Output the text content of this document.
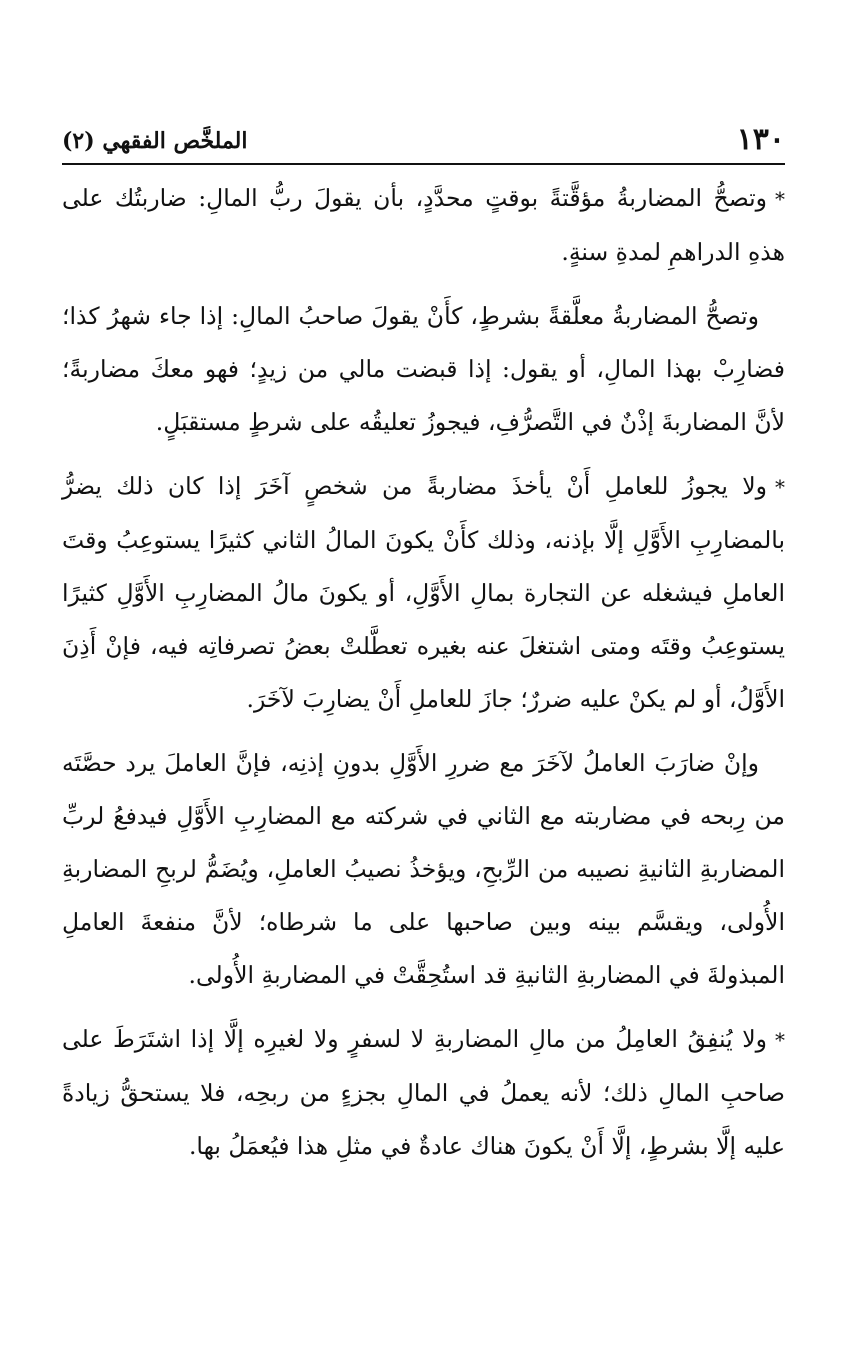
١٣٠
الملخَّص الفقهي (٢)

*وتصحُّ المضاربةُ مؤقَّتةً بوقتٍ محدَّدٍ، بأن يقولَ ربُّ المالِ: ضاربتُك على هذهِ الدراهمِ لمدةِ سنةٍ.

وتصحُّ المضاربةُ معلَّقةً بشرطٍ، كأَنْ يقولَ صاحبُ المالِ: إذا جاء شهرُ كذا؛ فضارِبْ بهذا المالِ، أو يقول: إذا قبضت مالي من زيدٍ؛ فهو معكَ مضاربةً؛ لأنَّ المضاربةَ إذْنٌ في التَّصرُّفِ، فيجوزُ تعليقُه على شرطٍ مستقبَلٍ.

*ولا يجوزُ للعاملِ أَنْ يأخذَ مضاربةً من شخصٍ آخَرَ إذا كان ذلك يضرُّ بالمضارِبِ الأَوَّلِ إلَّا بإذنه، وذلك كأَنْ يكونَ المالُ الثاني كثيرًا يستوعِبُ وقتَ العاملِ فيشغله عن التجارة بمالِ الأَوَّلِ، أو يكونَ مالُ المضارِبِ الأَوَّلِ كثيرًا يستوعِبُ وقتَه ومتى اشتغلَ عنه بغيره تعطَّلتْ بعضُ تصرفاتِه فيه، فإنْ أَذِنَ الأَوَّلُ، أو لم يكنْ عليه ضررٌ؛ جازَ للعاملِ أَنْ يضارِبَ لآخَرَ.

وإنْ ضارَبَ العاملُ لآخَرَ مع ضررِ الأَوَّلِ بدونِ إذنِه، فإنَّ العاملَ يرد حصَّتَه من رِبحه في مضاربته مع الثاني في شركته مع المضارِبِ الأَوَّلِ فيدفعُ لربِّ المضاربةِ الثانيةِ نصيبه من الرِّبحِ، ويؤخذُ نصيبُ العاملِ، ويُضَمُّ لربحِ المضاربةِ الأُولى، ويقسَّم بينه وبين صاحبها على ما شرطاه؛ لأنَّ منفعةَ العاملِ المبذولةَ في المضاربةِ الثانيةِ قد استُحِقَّتْ في المضاربةِ الأُولى.

*ولا يُنفِقُ العامِلُ من مالِ المضاربةِ لا لسفرٍ ولا لغيرِه إلَّا إذا اشتَرَطَ على صاحبِ المالِ ذلك؛ لأنه يعملُ في المالِ بجزءٍ من ربحِه، فلا يستحقُّ زيادةً عليه إلَّا بشرطٍ، إلَّا أَنْ يكونَ هناك عادةٌ في مثلِ هذا فيُعمَلُ بها.
